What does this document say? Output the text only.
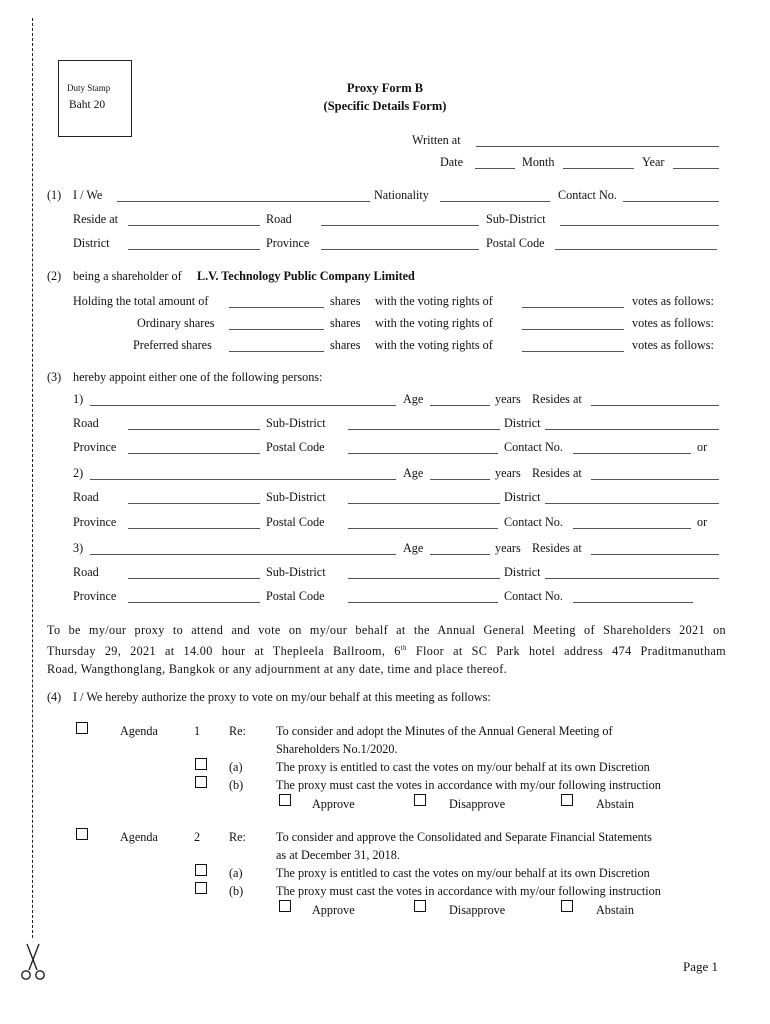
Duty Stamp
Baht 20
Proxy Form B
(Specific Details Form)
Written at
Date	Month	Year
(1) I / We	Nationality	Contact No.
Reside at	Road	Sub-District
District	Province	Postal Code
(2) being a shareholder of L.V. Technology Public Company Limited
Holding the total amount of	shares with the voting rights of	votes as follows:
Ordinary shares	shares with the voting rights of	votes as follows:
Preferred shares	shares with the voting rights of	votes as follows:
(3) hereby appoint either one of the following persons:
1)	Age	years Resides at
Road	Sub-District	District
Province	Postal Code	Contact No.	or
2)	Age	years Resides at
Road	Sub-District	District
Province	Postal Code	Contact No.	or
3)	Age	years Resides at
Road	Sub-District	District
Province	Postal Code	Contact No.
To be my/our proxy to attend and vote on my/our behalf at the Annual General Meeting of Shareholders 2021 on
Thursday 29, 2021 at 14.00 hour at Thepleela Ballroom, 6th Floor at SC Park hotel address 474 Praditmanutham
Road, Wangthonglang, Bangkok or any adjournment at any date, time and place thereof.
(4) I / We hereby authorize the proxy to vote on my/our behalf at this meeting as follows:
Agenda	1 Re: To consider and adopt the Minutes of the Annual General Meeting of
Shareholders No.1/2020.
(a)	The proxy is entitled to cast the votes on my/our behalf at its own Discretion
(b)	The proxy must cast the votes in accordance with my/our following instruction
Approve	Disapprove	Abstain
Agenda	2 Re: To consider and approve the Consolidated and Separate Financial Statements
as at December 31, 2018.
(a)	The proxy is entitled to cast the votes on my/our behalf at its own Discretion
(b)	The proxy must cast the votes in accordance with my/our following instruction
Approve	Disapprove	Abstain
Page 1
